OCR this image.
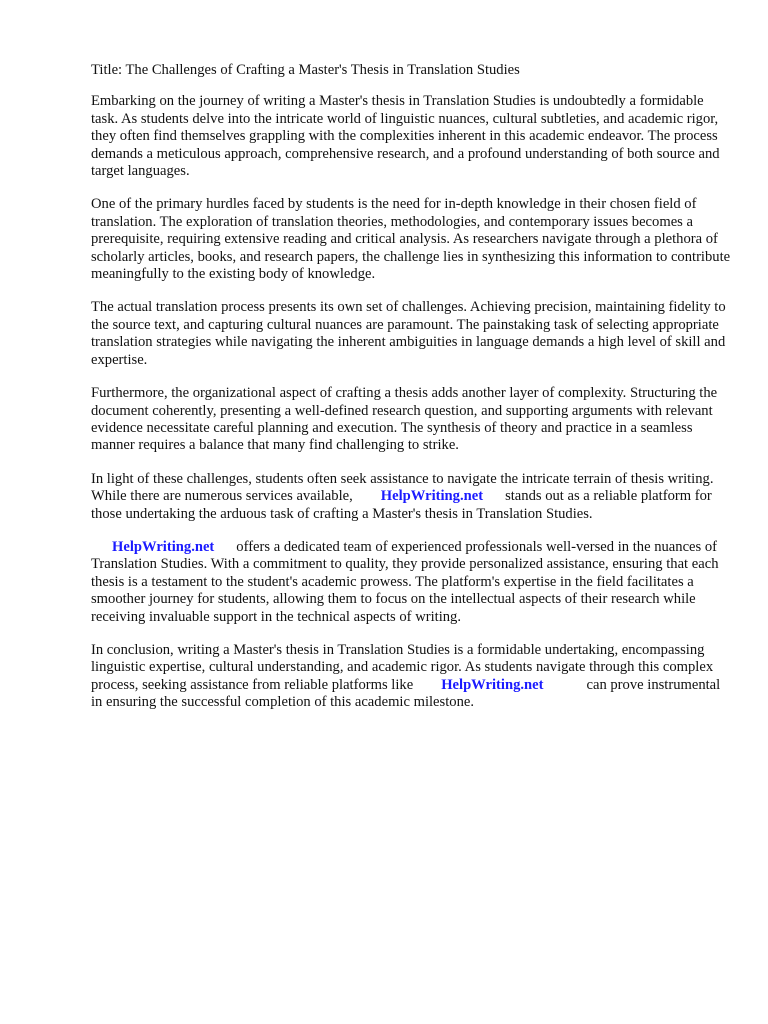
Title: The Challenges of Crafting a Master's Thesis in Translation Studies

Embarking on the journey of writing a Master's thesis in Translation Studies is undoubtedly a formidable task. As students delve into the intricate world of linguistic nuances, cultural subtleties, and academic rigor, they often find themselves grappling with the complexities inherent in this academic endeavor. The process demands a meticulous approach, comprehensive research, and a profound understanding of both source and target languages.

One of the primary hurdles faced by students is the need for in-depth knowledge in their chosen field of translation. The exploration of translation theories, methodologies, and contemporary issues becomes a prerequisite, requiring extensive reading and critical analysis. As researchers navigate through a plethora of scholarly articles, books, and research papers, the challenge lies in synthesizing this information to contribute meaningfully to the existing body of knowledge.

The actual translation process presents its own set of challenges. Achieving precision, maintaining fidelity to the source text, and capturing cultural nuances are paramount. The painstaking task of selecting appropriate translation strategies while navigating the inherent ambiguities in language demands a high level of skill and expertise.

Furthermore, the organizational aspect of crafting a thesis adds another layer of complexity. Structuring the document coherently, presenting a well-defined research question, and supporting arguments with relevant evidence necessitate careful planning and execution. The synthesis of theory and practice in a seamless manner requires a balance that many find challenging to strike.

In light of these challenges, students often seek assistance to navigate the intricate terrain of thesis writing. While there are numerous services available, HelpWriting.net stands out as a reliable platform for those undertaking the arduous task of crafting a Master's thesis in Translation Studies.

HelpWriting.net offers a dedicated team of experienced professionals well-versed in the nuances of Translation Studies. With a commitment to quality, they provide personalized assistance, ensuring that each thesis is a testament to the student's academic prowess. The platform's expertise in the field facilitates a smoother journey for students, allowing them to focus on the intellectual aspects of their research while receiving invaluable support in the technical aspects of writing.

In conclusion, writing a Master's thesis in Translation Studies is a formidable undertaking, encompassing linguistic expertise, cultural understanding, and academic rigor. As students navigate through this complex process, seeking assistance from reliable platforms like HelpWriting.net	can prove instrumental in ensuring the successful completion of this academic milestone.
